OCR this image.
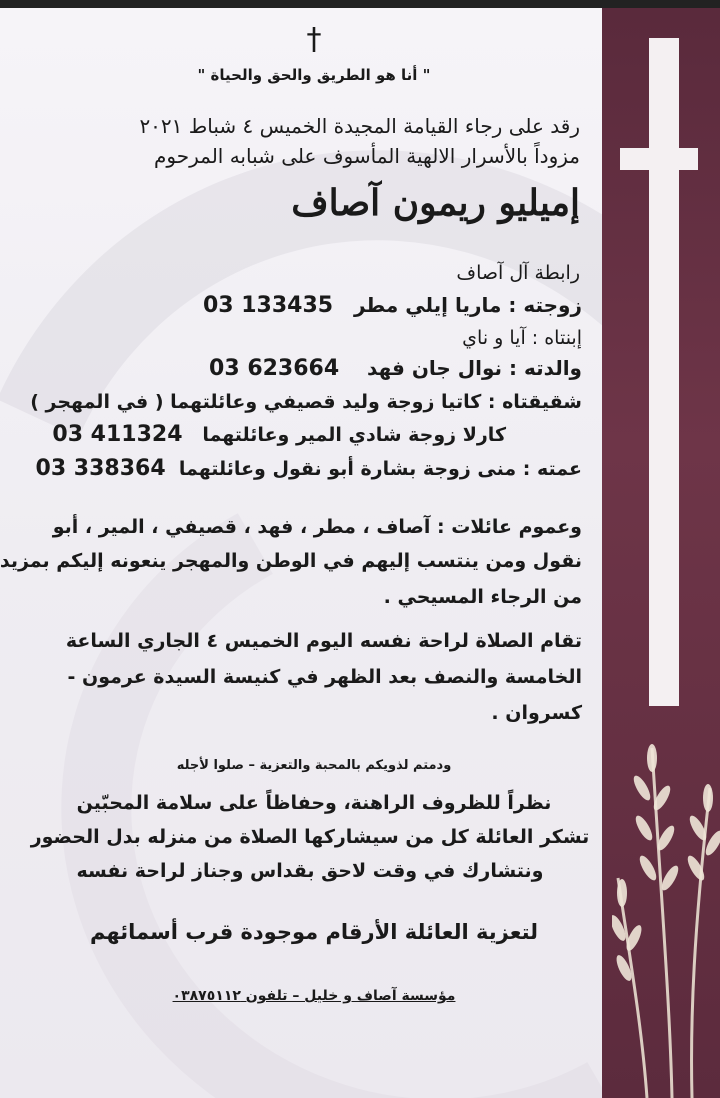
†
" أنا هو الطريق والحق والحياة "
رقد على رجاء القيامة المجيدة الخميس ٤ شباط ٢٠٢١
مزوداً بالأسرار الالهية المأسوف على شبابه المرحوم
إميليو ريمون آصاف
رابطة آل آصاف
زوجته : ماريا إيلي مطر   03 133435
إبنتاه : آيا و ناي
والدته : نوال جان فهد    03 623664
شقيقتاه : كاتيا زوجة وليد قصيفي وعائلتهما ( في المهجر )
كارلا زوجة شادي المير وعائلتهما   03 411324
عمته : منى زوجة بشارة أبو نقول وعائلتهما  03 338364
وعموم عائلات : آصاف ، مطر ، فهد ، قصيفي ، المير ، أبو
نقول ومن ينتسب إليهم في الوطن والمهجر ينعونه إليكم بمزيد
من الرجاء المسيحي .
تقام الصلاة لراحة نفسه اليوم الخميس ٤ الجاري الساعة
الخامسة والنصف بعد الظهر في كنيسة السيدة عرمون -
كسروان .
ودمتم لذويكم بالمحبة والتعزية – صلوا لأجله
نظراً للظروف الراهنة، وحفاظاً على سلامة المحبّين
تشكر العائلة كل من سيشاركها الصلاة من منزله بدل الحضور
ونتشارك في وقت لاحق بقداس وجناز لراحة نفسه
لتعزية العائلة الأرقام موجودة قرب أسمائهم
مؤسسة آصاف و خليل – تلفون ٠٣٨٧٥١١٢
